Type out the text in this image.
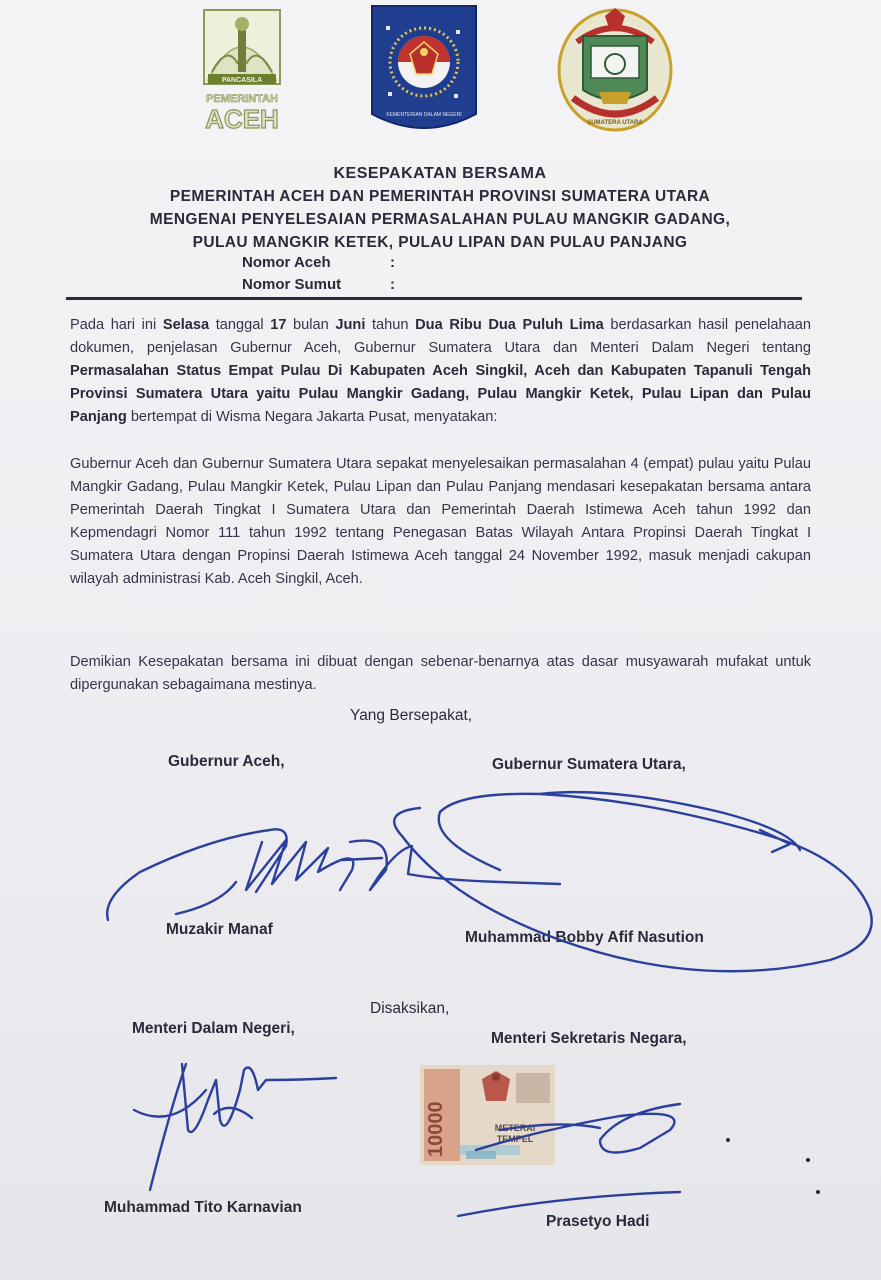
PANCASILA
PEMERINTAH
ACEH	KEMENTERIAN DALAM NEGERI
SUMATERA UTARA
KESEPAKATAN BERSAMA
PEMERINTAH ACEH DAN PEMERINTAH PROVINSI SUMATERA UTARA
MENGENAI PENYELESAIAN PERMASALAHAN PULAU MANGKIR GADANG,
PULAU MANGKIR KETEK, PULAU LIPAN DAN PULAU PANJANG
Nomor Aceh	:
Nomor Sumut	:
Pada hari ini Selasa tanggal 17 bulan Juni tahun Dua Ribu Dua Puluh Lima berdasarkan hasil penelahaan dokumen, penjelasan Gubernur Aceh, Gubernur Sumatera Utara dan Menteri Dalam Negeri tentang Permasalahan Status Empat Pulau Di Kabupaten Aceh Singkil, Aceh dan Kabupaten Tapanuli Tengah Provinsi Sumatera Utara yaitu Pulau Mangkir Gadang, Pulau Mangkir Ketek, Pulau Lipan dan Pulau Panjang bertempat di Wisma Negara Jakarta Pusat, menyatakan:
Gubernur Aceh dan Gubernur Sumatera Utara sepakat menyelesaikan permasalahan 4 (empat) pulau yaitu Pulau Mangkir Gadang, Pulau Mangkir Ketek, Pulau Lipan dan Pulau Panjang mendasari kesepakatan bersama antara Pemerintah Daerah Tingkat I Sumatera Utara dan Pemerintah Daerah Istimewa Aceh tahun 1992 dan Kepmendagri Nomor 111 tahun 1992 tentang Penegasan Batas Wilayah Antara Propinsi Daerah Tingkat I Sumatera Utara dengan Propinsi Daerah Istimewa Aceh tanggal 24 November 1992, masuk menjadi cakupan wilayah administrasi Kab. Aceh Singkil, Aceh.
Demikian Kesepakatan bersama ini dibuat dengan sebenar-benarnya atas dasar musyawarah mufakat untuk dipergunakan sebagaimana mestinya.
Yang Bersepakat,
Gubernur Aceh,	Gubernur Sumatera Utara,
Muzakir Manaf	Muhammad Bobby Afif Nasution
Disaksikan,
Menteri Dalam Negeri,
Menteri Sekretaris Negara,
Muhammad Tito Karnavian
Prasetyo Hadi
10000	METERAI
TEMPEL
